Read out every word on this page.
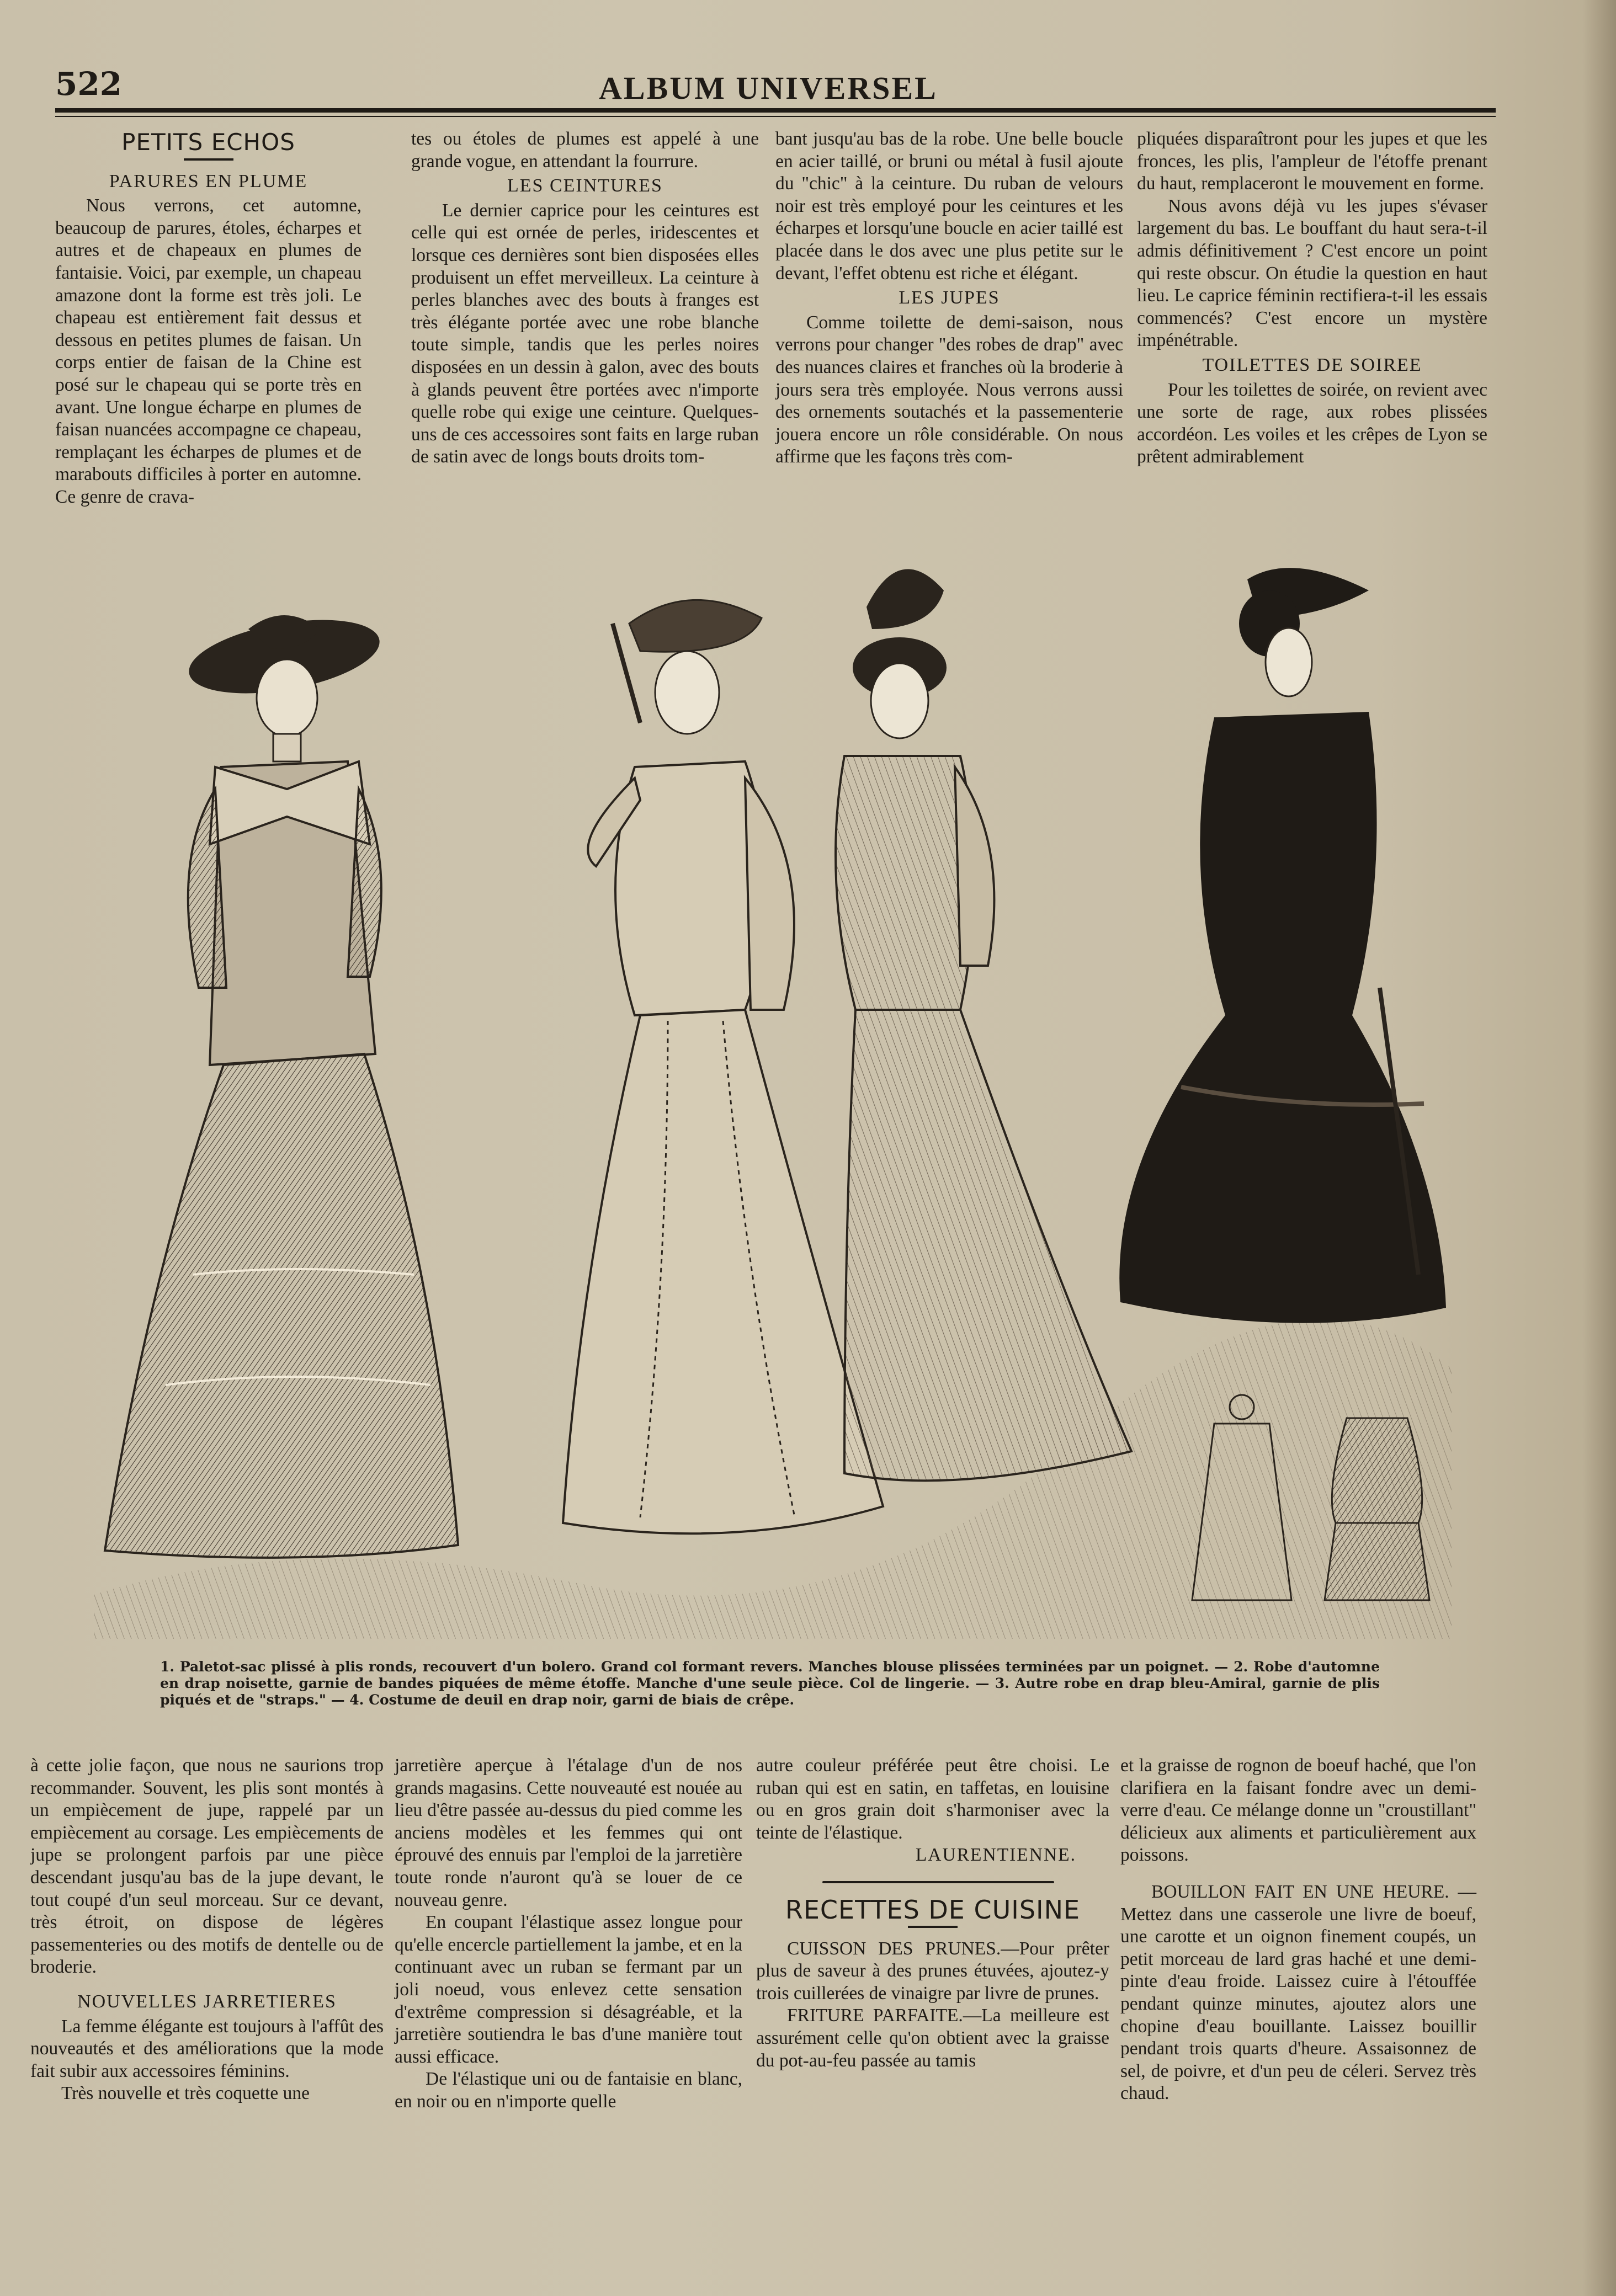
522	ALBUM UNIVERSEL
PETITS ECHOS
PARURES EN PLUME

Nous verrons, cet automne, beaucoup de parures, étoles, écharpes et autres et de chapeaux en plumes de fantaisie. Voici, par exemple, un chapeau amazone dont la forme est très joli. Le chapeau est entièrement fait dessus et dessous en petites plumes de faisan. Un corps entier de faisan de la Chine est posé sur le chapeau qui se porte très en avant. Une longue écharpe en plumes de faisan nuancées accompagne ce chapeau, remplaçant les écharpes de plumes et de marabouts difficiles à porter en automne. Ce genre de crava-

tes ou étoles de plumes est appelé à une grande vogue, en attendant la fourrure.

LES CEINTURES

Le dernier caprice pour les ceintures est celle qui est ornée de perles, iridescentes et lorsque ces dernières sont bien disposées elles produisent un effet merveilleux. La ceinture à perles blanches avec des bouts à franges est très élégante portée avec une robe blanche toute simple, tandis que les perles noires disposées en un dessin à galon, avec des bouts à glands peuvent être portées avec n'importe quelle robe qui exige une ceinture. Quelques-uns de ces accessoires sont faits en large ruban de satin avec de longs bouts droits tom-

bant jusqu'au bas de la robe. Une belle boucle en acier taillé, or bruni ou métal à fusil ajoute du "chic" à la ceinture. Du ruban de velours noir est très employé pour les ceintures et les écharpes et lorsqu'une boucle en acier taillé est placée dans le dos avec une plus petite sur le devant, l'effet obtenu est riche et élégant.

LES JUPES

Comme toilette de demi-saison, nous verrons pour changer "des robes de drap" avec des nuances claires et franches où la broderie à jours sera très employée. Nous verrons aussi des ornements soutachés et la passementerie jouera encore un rôle considérable. On nous affirme que les façons très com-

pliquées disparaîtront pour les jupes et que les fronces, les plis, l'ampleur de l'étoffe prenant du haut, remplaceront le mouvement en forme.

Nous avons déjà vu les jupes s'évaser largement du bas. Le bouffant du haut sera-t-il admis définitivement ? C'est encore un point qui reste obscur. On étudie la question en haut lieu. Le caprice féminin rectifiera-t-il les essais commencés? C'est encore un mystère impénétrable.

TOILETTES DE SOIREE

Pour les toilettes de soirée, on revient avec une sorte de rage, aux robes plissées accordéon. Les voiles et les crêpes de Lyon se prêtent admirablement

1. Paletot-sac plissé à plis ronds, recouvert d'un bolero. Grand col formant revers. Manches blouse plissées terminées par un poignet. — 2. Robe d'automne en drap noisette, garnie de bandes piquées de même étoffe. Manche d'une seule pièce. Col de lingerie. — 3. Autre robe en drap bleu-Amiral, garnie de plis piqués et de "straps." — 4. Costume de deuil en drap noir, garni de biais de crêpe.

à cette jolie façon, que nous ne saurions trop recommander. Souvent, les plis sont montés à un empiècement de jupe, rappelé par un empiècement au corsage. Les empiècements de jupe se prolongent parfois par une pièce descendant jusqu'au bas de la jupe devant, le tout coupé d'un seul morceau. Sur ce devant, très étroit, on dispose de légères passementeries ou des motifs de dentelle ou de broderie.

NOUVELLES JARRETIERES

La femme élégante est toujours à l'affût des nouveautés et des améliorations que la mode fait subir aux accessoires féminins.

Très nouvelle et très coquette une

jarretière aperçue à l'étalage d'un de nos grands magasins. Cette nouveauté est nouée au lieu d'être passée au-dessus du pied comme les anciens modèles et les femmes qui ont éprouvé des ennuis par l'emploi de la jarretière toute ronde n'auront qu'à se louer de ce nouveau genre.

En coupant l'élastique assez longue pour qu'elle encercle partiellement la jambe, et en la continuant avec un ruban se fermant par un joli noeud, vous enlevez cette sensation d'extrême compression si désagréable, et la jarretière soutiendra le bas d'une manière tout aussi efficace.

De l'élastique uni ou de fantaisie en blanc, en noir ou en n'importe quelle

autre couleur préférée peut être choisi. Le ruban qui est en satin, en taffetas, en louisine ou en gros grain doit s'harmoniser avec la teinte de l'élastique.

LAURENTIENNE.
RECETTES DE CUISINE

CUISSON DES PRUNES.—Pour prêter plus de saveur à des prunes étuvées, ajoutez-y trois cuillerées de vinaigre par livre de prunes.

FRITURE PARFAITE.—La meilleure est assurément celle qu'on obtient avec la graisse du pot-au-feu passée au tamis

et la graisse de rognon de boeuf haché, que l'on clarifiera en la faisant fondre avec un demi-verre d'eau. Ce mélange donne un "croustillant" délicieux aux aliments et particulièrement aux poissons.

BOUILLON FAIT EN UNE HEURE. — Mettez dans une casserole une livre de boeuf, une carotte et un oignon finement coupés, un petit morceau de lard gras haché et une demi-pinte d'eau froide. Laissez cuire à l'étouffée pendant quinze minutes, ajoutez alors une chopine d'eau bouillante. Laissez bouillir pendant trois quarts d'heure. Assaisonnez de sel, de poivre, et d'un peu de céleri. Servez très chaud.
